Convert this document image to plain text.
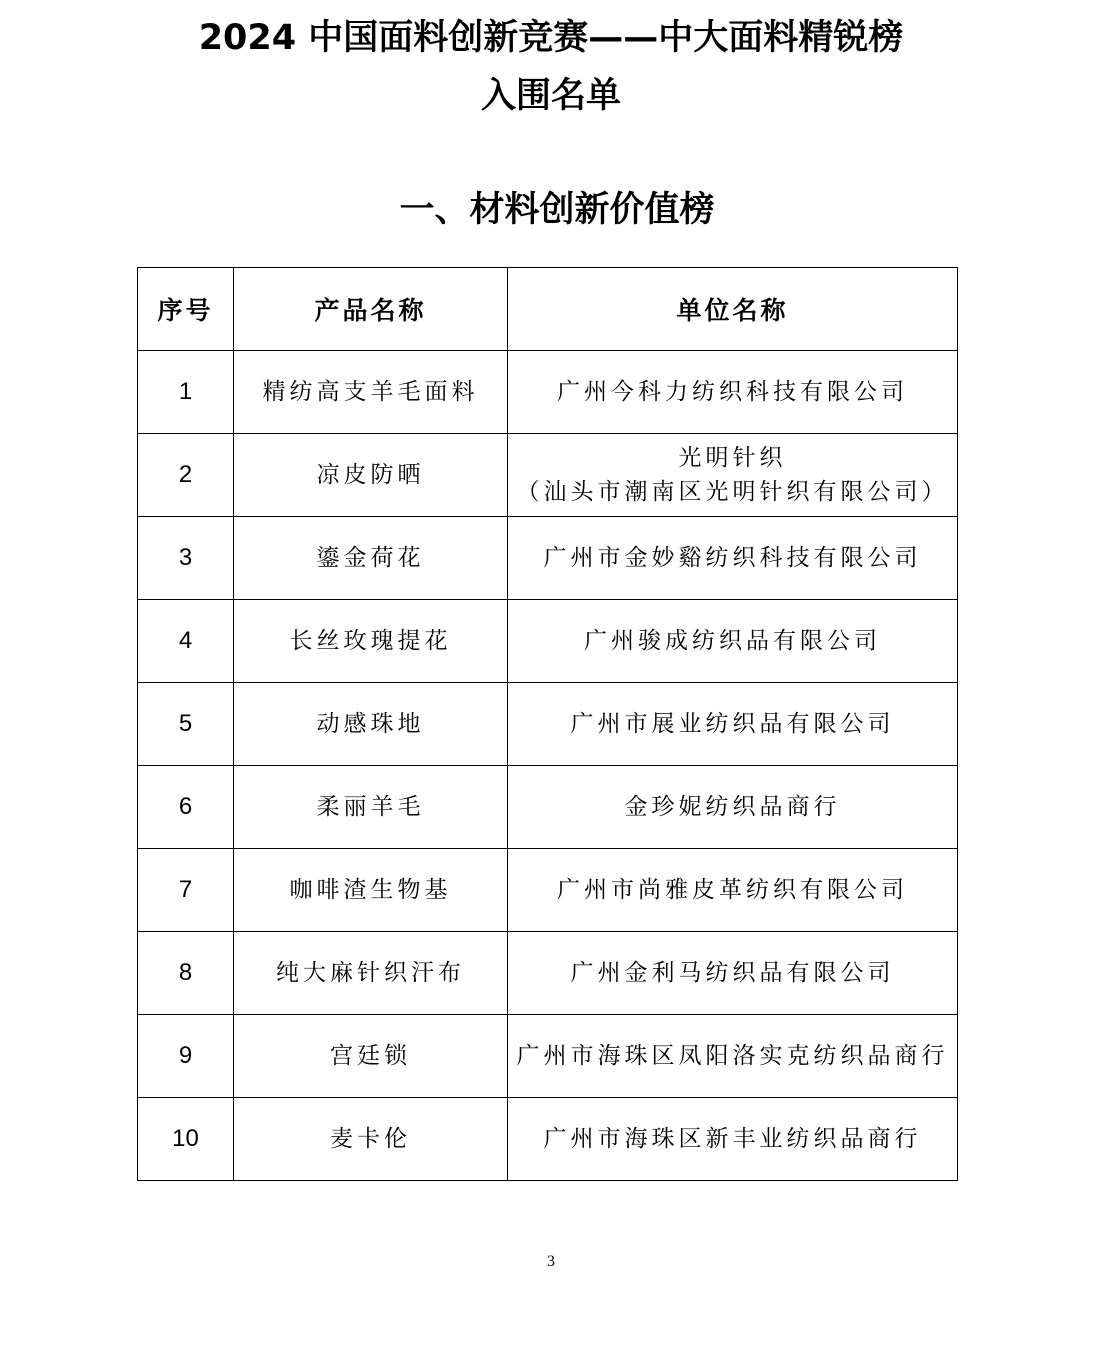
2024 中国面料创新竞赛——中大面料精锐榜
入围名单
一、材料创新价值榜
序号	产品名称	单位名称
1	精纺高支羊毛面料	广州今科力纺织科技有限公司
2	凉皮防晒	光明针织
（汕头市潮南区光明针织有限公司）

3	鎏金荷花	广州市金妙谿纺织科技有限公司
4	长丝玫瑰提花	广州骏成纺织品有限公司
5	动感珠地	广州市展业纺织品有限公司
6	柔丽羊毛	金珍妮纺织品商行
7	咖啡渣生物基	广州市尚雅皮革纺织有限公司
8	纯大麻针织汗布	广州金利马纺织品有限公司
9	宫廷锁	广州市海珠区凤阳洛实克纺织品商行
10	麦卡伦	广州市海珠区新丰业纺织品商行
3
